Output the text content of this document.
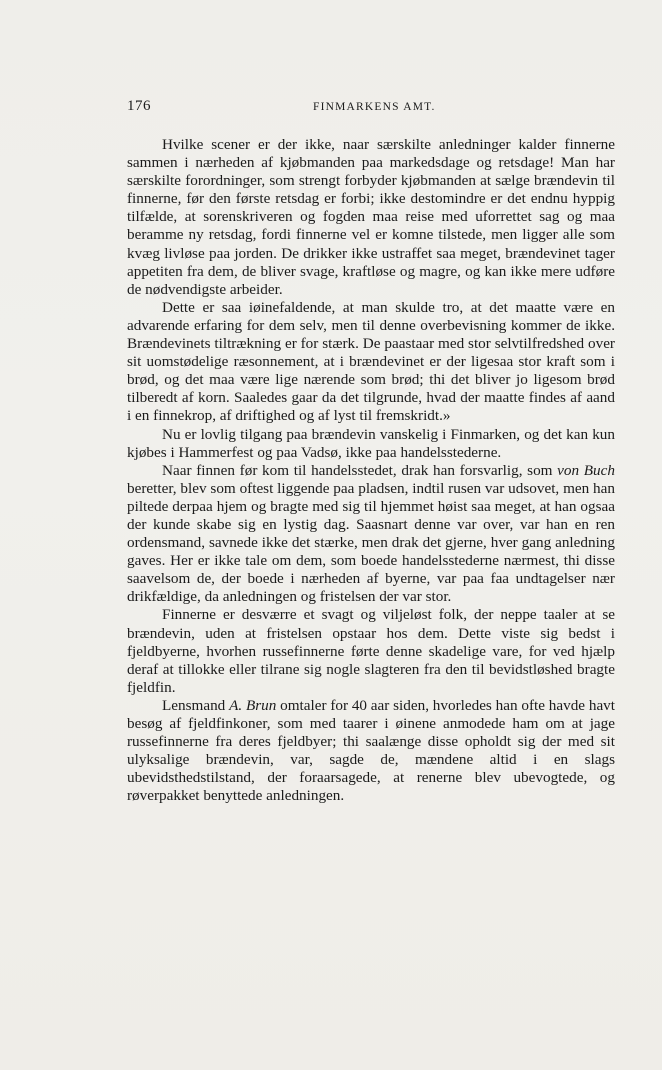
176	FINMARKENS AMT.

Hvilke scener er der ikke, naar særskilte anledninger kalder finnerne sammen i nærheden af kjøbmanden paa markedsdage og retsdage! Man har særskilte forordninger, som strengt forbyder kjøbmanden at sælge brændevin til finnerne, før den første retsdag er forbi; ikke destomindre er det endnu hyppig tilfælde, at sorenskriveren og fogden maa reise med uforrettet sag og maa beramme ny retsdag, fordi finnerne vel er komne tilstede, men ligger alle som kvæg livløse paa jorden. De drikker ikke ustraffet saa meget, brændevinet tager appetiten fra dem, de bliver svage, kraftløse og magre, og kan ikke mere udføre de nødvendigste arbeider.

Dette er saa iøinefaldende, at man skulde tro, at det maatte være en advarende erfaring for dem selv, men til denne overbevisning kommer de ikke. Brændevinets tiltrækning er for stærk. De paastaar med stor selvtilfredshed over sit uomstødelige ræsonnement, at i brændevinet er der ligesaa stor kraft som i brød, og det maa være lige nærende som brød; thi det bliver jo ligesom brød tilberedt af korn. Saaledes gaar da det tilgrunde, hvad der maatte findes af aand i en finnekrop, af driftighed og af lyst til fremskridt.»

Nu er lovlig tilgang paa brændevin vanskelig i Finmarken, og det kan kun kjøbes i Hammerfest og paa Vadsø, ikke paa handelsstederne.

Naar finnen før kom til handelsstedet, drak han forsvarlig, som von Buch beretter, blev som oftest liggende paa pladsen, indtil rusen var udsovet, men han piltede derpaa hjem og bragte med sig til hjemmet høist saa meget, at han ogsaa der kunde skabe sig en lystig dag. Saasnart denne var over, var han en ren ordensmand, savnede ikke det stærke, men drak det gjerne, hver gang anledning gaves. Her er ikke tale om dem, som boede handelsstederne nærmest, thi disse saavelsom de, der boede i nærheden af byerne, var paa faa undtagelser nær drikfældige, da anledningen og fristelsen der var stor.

Finnerne er desværre et svagt og viljeløst folk, der neppe taaler at se brændevin, uden at fristelsen opstaar hos dem. Dette viste sig bedst i fjeldbyerne, hvorhen russefinnerne førte denne skadelige vare, for ved hjælp deraf at tillokke eller tilrane sig nogle slagteren fra den til bevidstløshed bragte fjeldfin.

Lensmand A. Brun omtaler for 40 aar siden, hvorledes han ofte havde havt besøg af fjeldfinkoner, som med taarer i øinene anmodede ham om at jage russefinnerne fra deres fjeldbyer; thi saalænge disse opholdt sig der med sit ulyksalige brændevin, var, sagde de, mændene altid i en slags ubevidsthedstilstand, der foraarsagede, at renerne blev ubevogtede, og røverpakket benyttede anledningen.
